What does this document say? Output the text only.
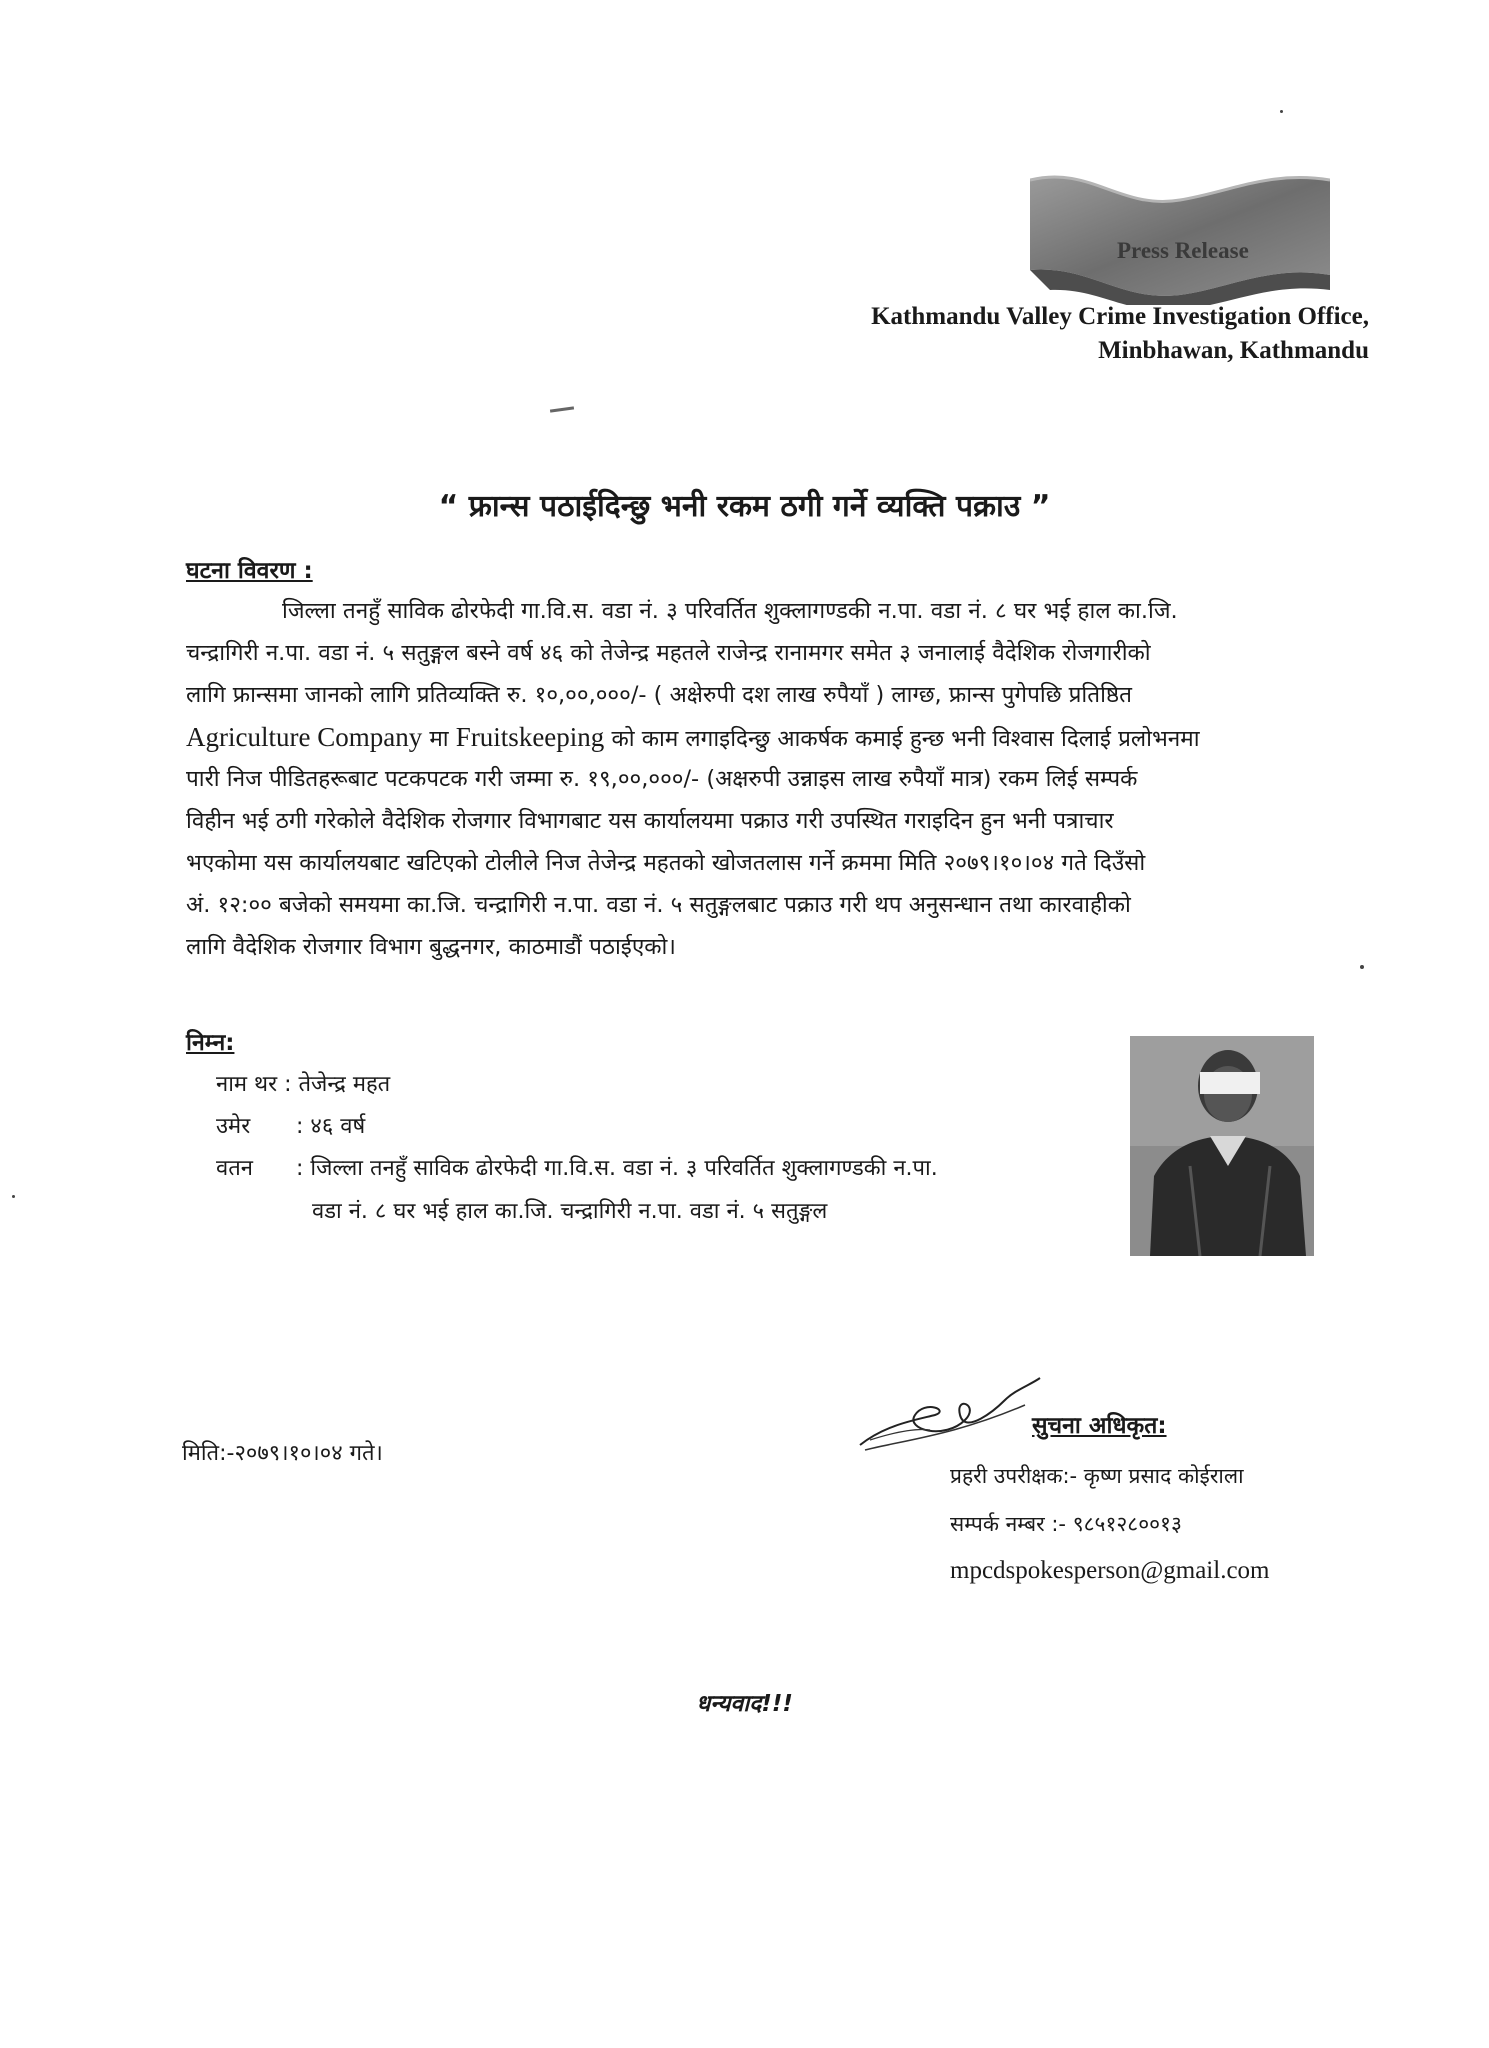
Press Release
Kathmandu Valley Crime Investigation Office,
Minbhawan, Kathmandu
“ फ्रान्स पठाईदिन्छु भनी रकम ठगी गर्ने व्यक्ति पक्राउ ”
घटना विवरण :
जिल्ला तनहुँ साविक ढोरफेदी गा.वि.स. वडा नं. ३ परिवर्तित शुक्लागण्डकी न.पा. वडा नं. ८ घर भई हाल का.जि.
चन्द्रागिरी न.पा. वडा नं. ५ सतुङ्गल बस्ने वर्ष ४६ को तेजेन्द्र महतले राजेन्द्र रानामगर समेत ३ जनालाई वैदेशिक रोजगारीको
लागि फ्रान्समा जानको लागि प्रतिव्यक्ति रु. १०,००,०००/- ( अक्षेरुपी दश लाख रुपैयाँ ) लाग्छ, फ्रान्स पुगेपछि प्रतिष्ठित
Agriculture Company मा Fruitskeeping को काम लगाइदिन्छु आकर्षक कमाई हुन्छ भनी विश्वास दिलाई प्रलोभनमा
पारी निज पीडितहरूबाट पटकपटक गरी जम्मा रु. १९,००,०००/- (अक्षरुपी उन्नाइस लाख रुपैयाँ मात्र) रकम लिई सम्पर्क
विहीन भई ठगी गरेकोले वैदेशिक रोजगार विभागबाट यस कार्यालयमा पक्राउ गरी उपस्थित गराइदिन हुन भनी पत्राचार
भएकोमा यस कार्यालयबाट खटिएको टोलीले निज तेजेन्द्र महतको खोजतलास गर्ने क्रममा मिति २०७९।१०।०४ गते दिउँसो
अं. १२:०० बजेको समयमा का.जि. चन्द्रागिरी न.पा. वडा नं. ५ सतुङ्गलबाट पक्राउ गरी थप अनुसन्धान तथा कारवाहीको
लागि वैदेशिक रोजगार विभाग बुद्धनगर, काठमाडौं पठाईएको।
निम्न:
नाम थर : तेजेन्द्र महत
उमेर : ४६ वर्ष
वतन : जिल्ला तनहुँ साविक ढोरफेदी गा.वि.स. वडा नं. ३ परिवर्तित शुक्लागण्डकी न.पा.
वडा नं. ८ घर भई हाल का.जि. चन्द्रागिरी न.पा. वडा नं. ५ सतुङ्गल
मिति:-२०७९।१०।०४ गते।
सुचना अधिकृत:
प्रहरी उपरीक्षक:- कृष्ण प्रसाद कोईराला
सम्पर्क नम्बर :- ९८५१२८००१३
mpcdspokesperson@gmail.com
धन्यवाद!!!
